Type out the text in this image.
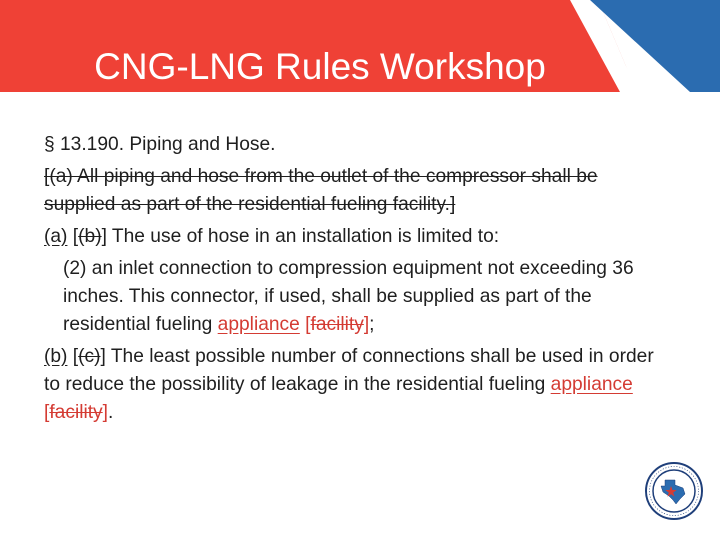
CNG-LNG Rules Workshop

§ 13.190. Piping and Hose.

[(a) All piping and hose from the outlet of the compressor shall be supplied as part of the residential fueling facility.]

(a) [(b)] The use of hose in an installation is limited to:

(2) an inlet connection to compression equipment not exceeding 36 inches. This connector, if used, shall be supplied as part of the residential fueling appliance [facility];

(b) [(c)] The least possible number of connections shall be used in order to reduce the possibility of leakage in the residential fueling appliance [facility].
